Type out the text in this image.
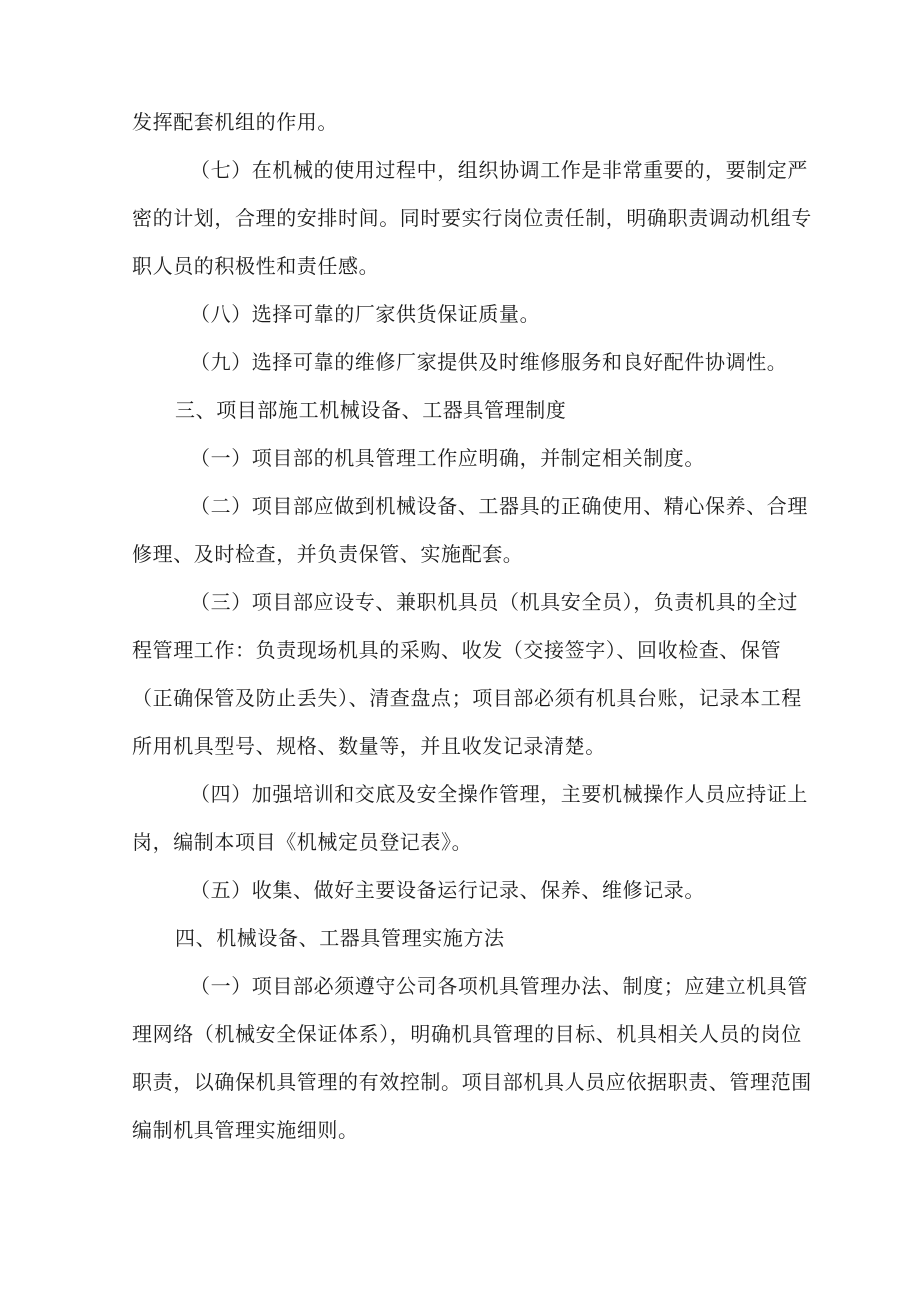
发挥配套机组的作用。
（七）在机械的使用过程中，组织协调工作是非常重要的，要制定严
密的计划，合理的安排时间。同时要实行岗位责任制，明确职责调动机组专
职人员的积极性和责任感。
（八）选择可靠的厂家供货保证质量。
（九）选择可靠的维修厂家提供及时维修服务和良好配件协调性。
三、项目部施工机械设备、工器具管理制度
（一）项目部的机具管理工作应明确，并制定相关制度。
（二）项目部应做到机械设备、工器具的正确使用、精心保养、合理
修理、及时检查，并负责保管、实施配套。
（三）项目部应设专、兼职机具员（机具安全员），负责机具的全过
程管理工作：负责现场机具的采购、收发（交接签字）、回收检查、保管
（正确保管及防止丢失）、清查盘点；项目部必须有机具台账，记录本工程
所用机具型号、规格、数量等，并且收发记录清楚。
（四）加强培训和交底及安全操作管理，主要机械操作人员应持证上
岗，编制本项目《机械定员登记表》。
（五）收集、做好主要设备运行记录、保养、维修记录。
四、机械设备、工器具管理实施方法
（一）项目部必须遵守公司各项机具管理办法、制度；应建立机具管
理网络（机械安全保证体系），明确机具管理的目标、机具相关人员的岗位
职责，以确保机具管理的有效控制。项目部机具人员应依据职责、管理范围
编制机具管理实施细则。
